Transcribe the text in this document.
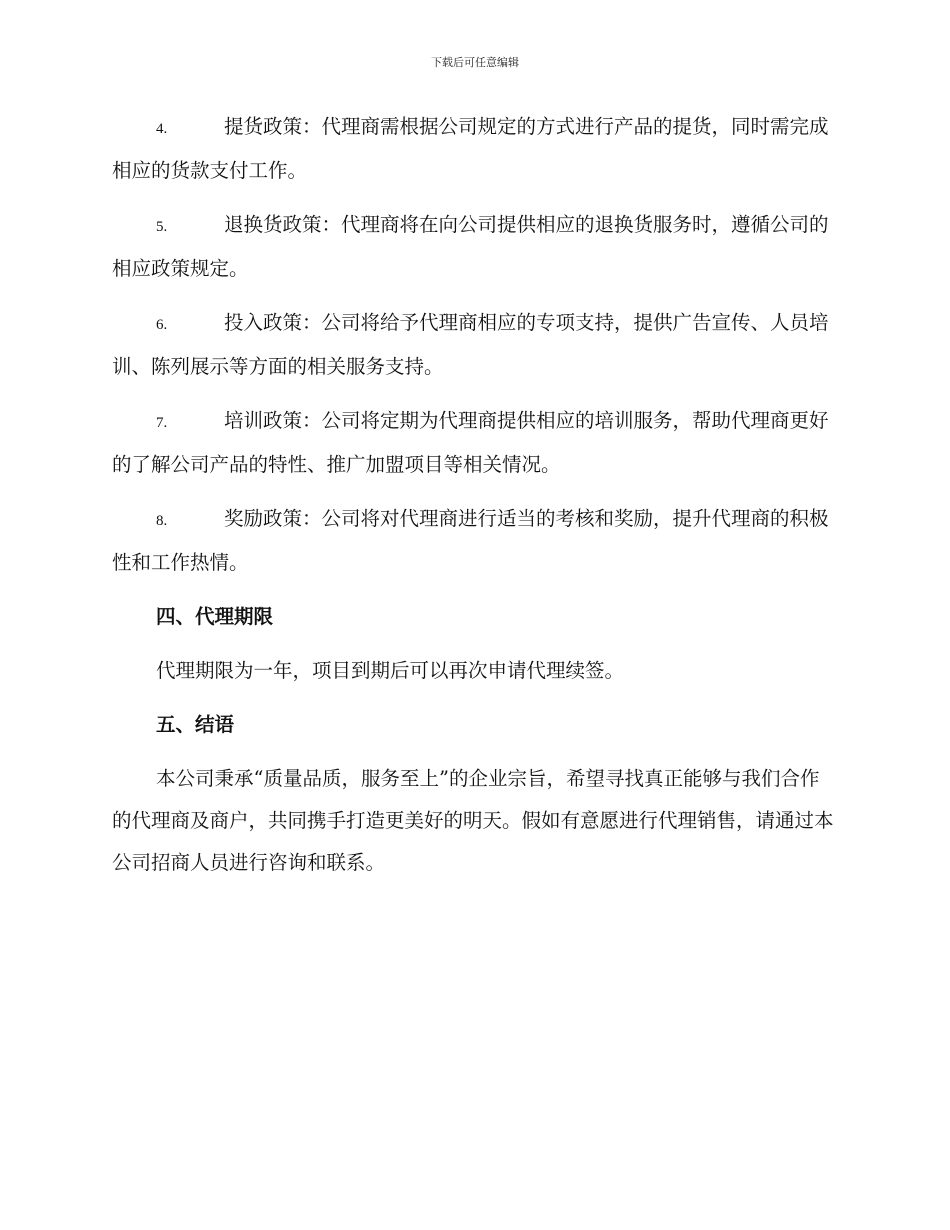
下载后可任意编辑
4.	提货政策：代理商需根据公司规定的方式进行产品的提货，同时需完成相应的货款支付工作。
5.	退换货政策：代理商将在向公司提供相应的退换货服务时，遵循公司的相应政策规定。
6.	投入政策：公司将给予代理商相应的专项支持，提供广告宣传、人员培训、陈列展示等方面的相关服务支持。
7.	培训政策：公司将定期为代理商提供相应的培训服务，帮助代理商更好的了解公司产品的特性、推广加盟项目等相关情况。
8.	奖励政策：公司将对代理商进行适当的考核和奖励，提升代理商的积极性和工作热情。
四、代理期限
代理期限为一年，项目到期后可以再次申请代理续签。
五、结语
本公司秉承“质量品质，服务至上”的企业宗旨，希望寻找真正能够与我们合作的代理商及商户，共同携手打造更美好的明天。假如有意愿进行代理销售，请通过本公司招商人员进行咨询和联系。
